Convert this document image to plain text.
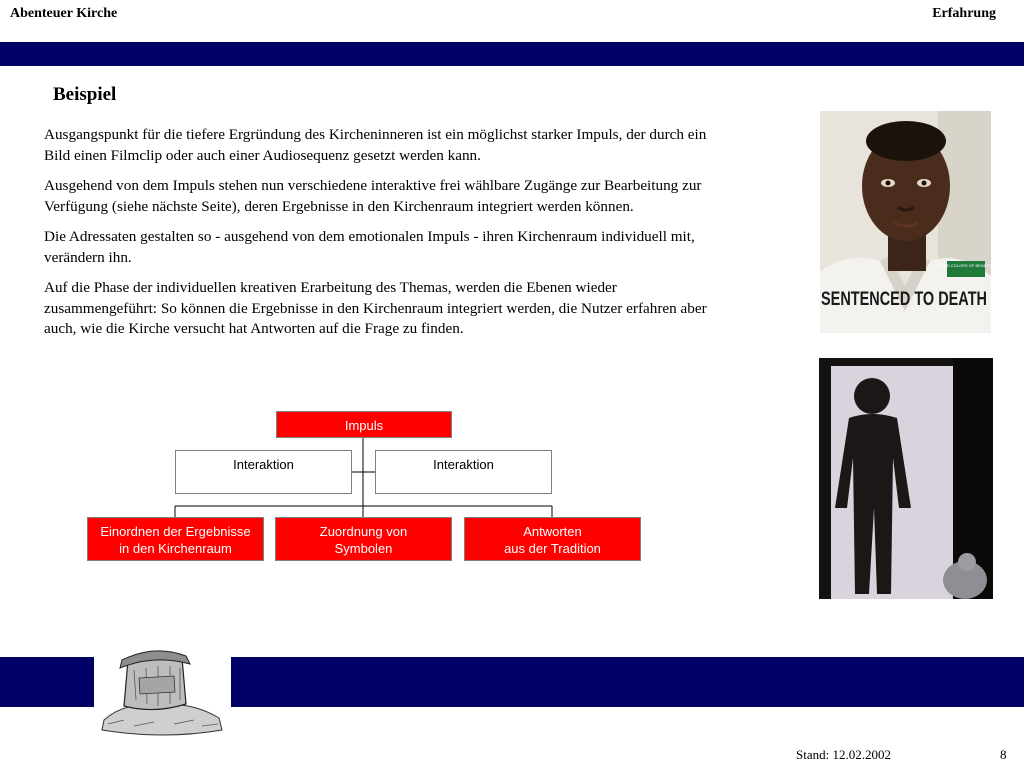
Abenteuer Kirche	Erfahrung
Beispiel

Ausgangspunkt für die tiefere Ergründung des Kircheninneren ist ein möglichst starker Impuls, der durch ein Bild einen Filmclip oder auch einer Audiosequenz gesetzt werden kann.

Ausgehend von dem Impuls stehen nun verschiedene interaktive frei wählbare Zugänge zur Bearbeitung zur Verfügung (siehe nächste Seite), deren Ergebnisse in den Kirchenraum integriert werden können.

Die Adressaten gestalten so - ausgehend von dem emotionalen Impuls - ihren Kirchenraum individuell mit, verändern ihn.

Auf die Phase der individuellen kreativen Erarbeitung des Themas, werden die Ebenen wieder zusammengeführt: So können die Ergebnisse in den Kirchenraum integriert werden, die Nutzer erfahren aber auch, wie die Kirche versucht hat Antworten auf die Frage zu finden.

UNITED COLORS OF BENETTON
SENTENCED TO DEATH
Impuls
Interaktion	Interaktion
Einordnen der Ergebnisse
in den Kirchenraum
Zuordnung von
Symbolen
Antworten
aus der Tradition
Stand: 12.02.2002	8
